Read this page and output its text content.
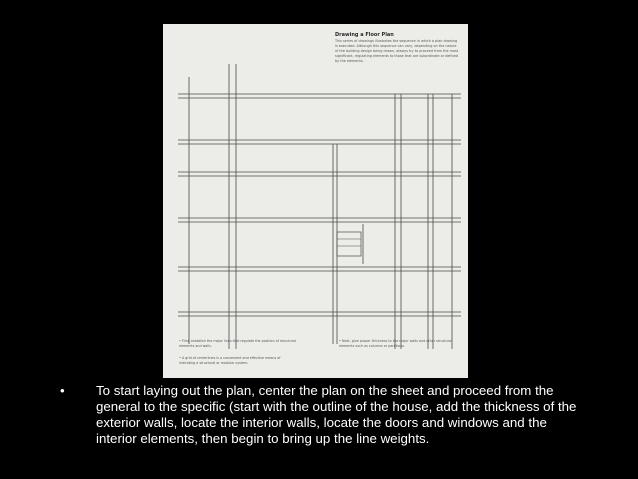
Drawing a Floor Plan

This series of drawings illustrates the sequence in which a plan drawing is executed. Although this sequence can vary, depending on the nature of the building design being drawn, always try to proceed from the most significant, regulating elements to those that are subordinate or defined by the elements.

• First, establish the major lines that regulate the position of structural elements and walls.

• A grid of centerlines is a convenient and effective means of indicating a structural or modular system.

• Next, give proper thickness to the major walls and other structural elements such as columns or partitions.

•	To start laying out the plan, center the plan on the sheet and proceed from the general to the specific (start with the outline of the house, add the thickness of the exterior walls, locate the interior walls, locate the doors and windows and the interior elements, then begin to bring up the line weights.
